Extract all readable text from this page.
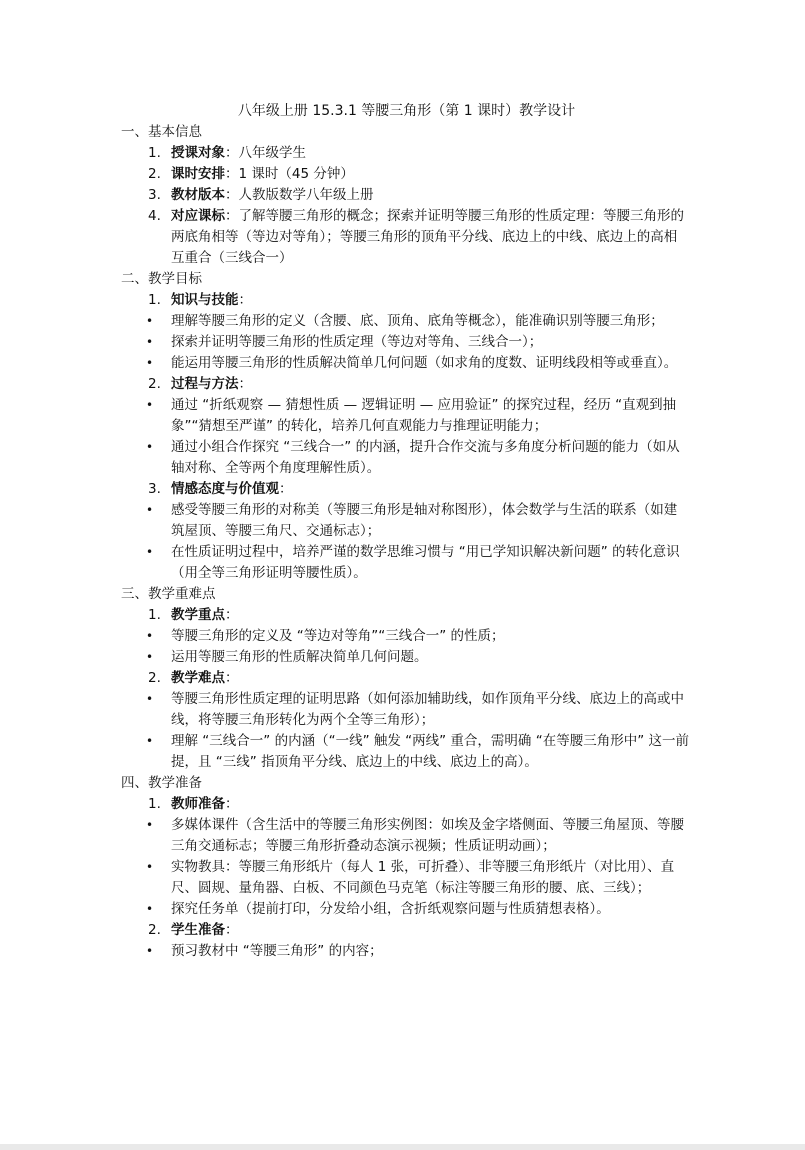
八年级上册 15.3.1 等腰三角形（第 1 课时）教学设计
一、基本信息
1. 授课对象：八年级学生
2. 课时安排：1 课时（45 分钟）
3. 教材版本：人教版数学八年级上册
4. 对应课标：了解等腰三角形的概念；探索并证明等腰三角形的性质定理：等腰三角形的两底角相等（等边对等角）；等腰三角形的顶角平分线、底边上的中线、底边上的高相互重合（三线合一）
二、教学目标
1. 知识与技能：
• 理解等腰三角形的定义（含腰、底、顶角、底角等概念），能准确识别等腰三角形；
• 探索并证明等腰三角形的性质定理（等边对等角、三线合一）；
• 能运用等腰三角形的性质解决简单几何问题（如求角的度数、证明线段相等或垂直）。
2. 过程与方法：
• 通过 “折纸观察 — 猜想性质 — 逻辑证明 — 应用验证” 的探究过程，经历 “直观到抽象”“猜想至严谨” 的转化，培养几何直观能力与推理证明能力；
• 通过小组合作探究 “三线合一” 的内涵，提升合作交流与多角度分析问题的能力（如从轴对称、全等两个角度理解性质）。
3. 情感态度与价值观：
• 感受等腰三角形的对称美（等腰三角形是轴对称图形），体会数学与生活的联系（如建筑屋顶、等腰三角尺、交通标志）；
• 在性质证明过程中，培养严谨的数学思维习惯与 “用已学知识解决新问题” 的转化意识（用全等三角形证明等腰性质）。
三、教学重难点
1. 教学重点：
• 等腰三角形的定义及 “等边对等角”“三线合一” 的性质；
• 运用等腰三角形的性质解决简单几何问题。
2. 教学难点：
• 等腰三角形性质定理的证明思路（如何添加辅助线，如作顶角平分线、底边上的高或中线，将等腰三角形转化为两个全等三角形）；
• 理解 “三线合一” 的内涵（“一线” 触发 “两线” 重合，需明确 “在等腰三角形中” 这一前提，且 “三线” 指顶角平分线、底边上的中线、底边上的高）。
四、教学准备
1. 教师准备：
• 多媒体课件（含生活中的等腰三角形实例图：如埃及金字塔侧面、等腰三角屋顶、等腰三角交通标志；等腰三角形折叠动态演示视频；性质证明动画）；
• 实物教具：等腰三角形纸片（每人 1 张，可折叠）、非等腰三角形纸片（对比用）、直尺、圆规、量角器、白板、不同颜色马克笔（标注等腰三角形的腰、底、三线）；
• 探究任务单（提前打印，分发给小组，含折纸观察问题与性质猜想表格）。
2. 学生准备：
• 预习教材中 “等腰三角形” 的内容；
